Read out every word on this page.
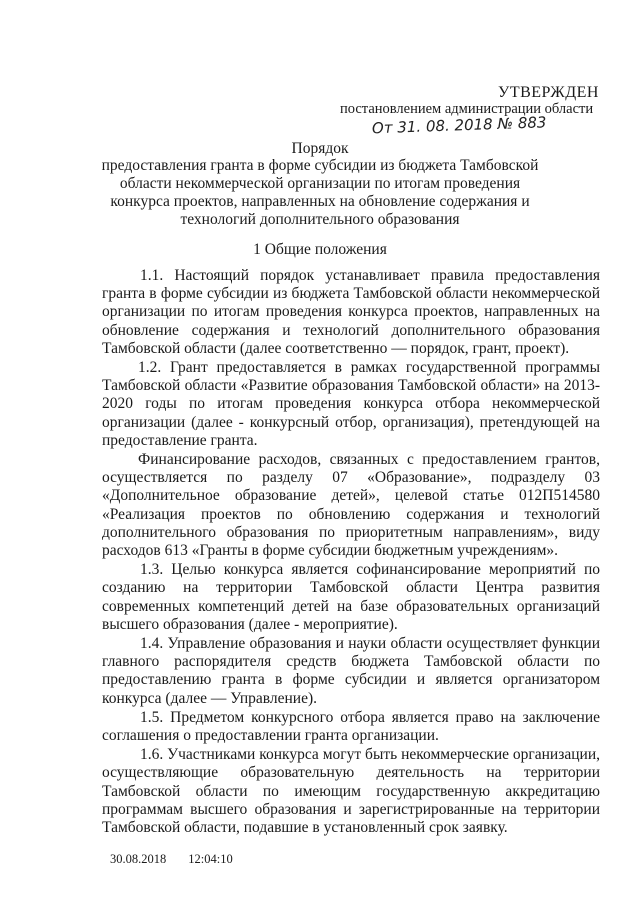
УТВЕРЖДЕН
постановлением администрации области
От 31. 08. 2018 № 883
Порядок
предоставления гранта в форме субсидии из бюджета Тамбовской области некоммерческой организации по итогам проведения конкурса проектов, направленных на обновление содержания и технологий дополнительного образования
1 Общие положения

1.1. Настоящий порядок устанавливает правила предоставления гранта в форме субсидии из бюджета Тамбовской области некоммерческой организации по итогам проведения конкурса проектов, направленных на обновление содержания и технологий дополнительного образования Тамбовской области (далее соответственно — порядок, грант, проект).

1.2. Грант предоставляется в рамках государственной программы Тамбовской области «Развитие образования Тамбовской области» на 2013-2020 годы по итогам проведения конкурса отбора некоммерческой организации (далее - конкурсный отбор, организация), претендующей на предоставление гранта.

Финансирование расходов, связанных с предоставлением грантов, осуществляется по разделу 07 «Образование», подразделу 03 «Дополнительное образование детей», целевой статье 012П514580 «Реализация проектов по обновлению содержания и технологий дополнительного образования по приоритетным направлениям», виду расходов 613 «Гранты в форме субсидии бюджетным учреждениям».

1.3. Целью конкурса является софинансирование мероприятий по созданию на территории Тамбовской области Центра развития современных компетенций детей на базе образовательных организаций высшего образования (далее - мероприятие).

1.4. Управление образования и науки области осуществляет функции главного распорядителя средств бюджета Тамбовской области по предоставлению гранта в форме субсидии и является организатором конкурса (далее — Управление).

1.5. Предметом конкурсного отбора является право на заключение соглашения о предоставлении гранта организации.

1.6. Участниками конкурса могут быть некоммерческие организации, осуществляющие образовательную деятельность на территории Тамбовской области по имеющим государственную аккредитацию программам высшего образования и зарегистрированные на территории Тамбовской области, подавшие в установленный срок заявку.

30.08.2018 12:04:10
